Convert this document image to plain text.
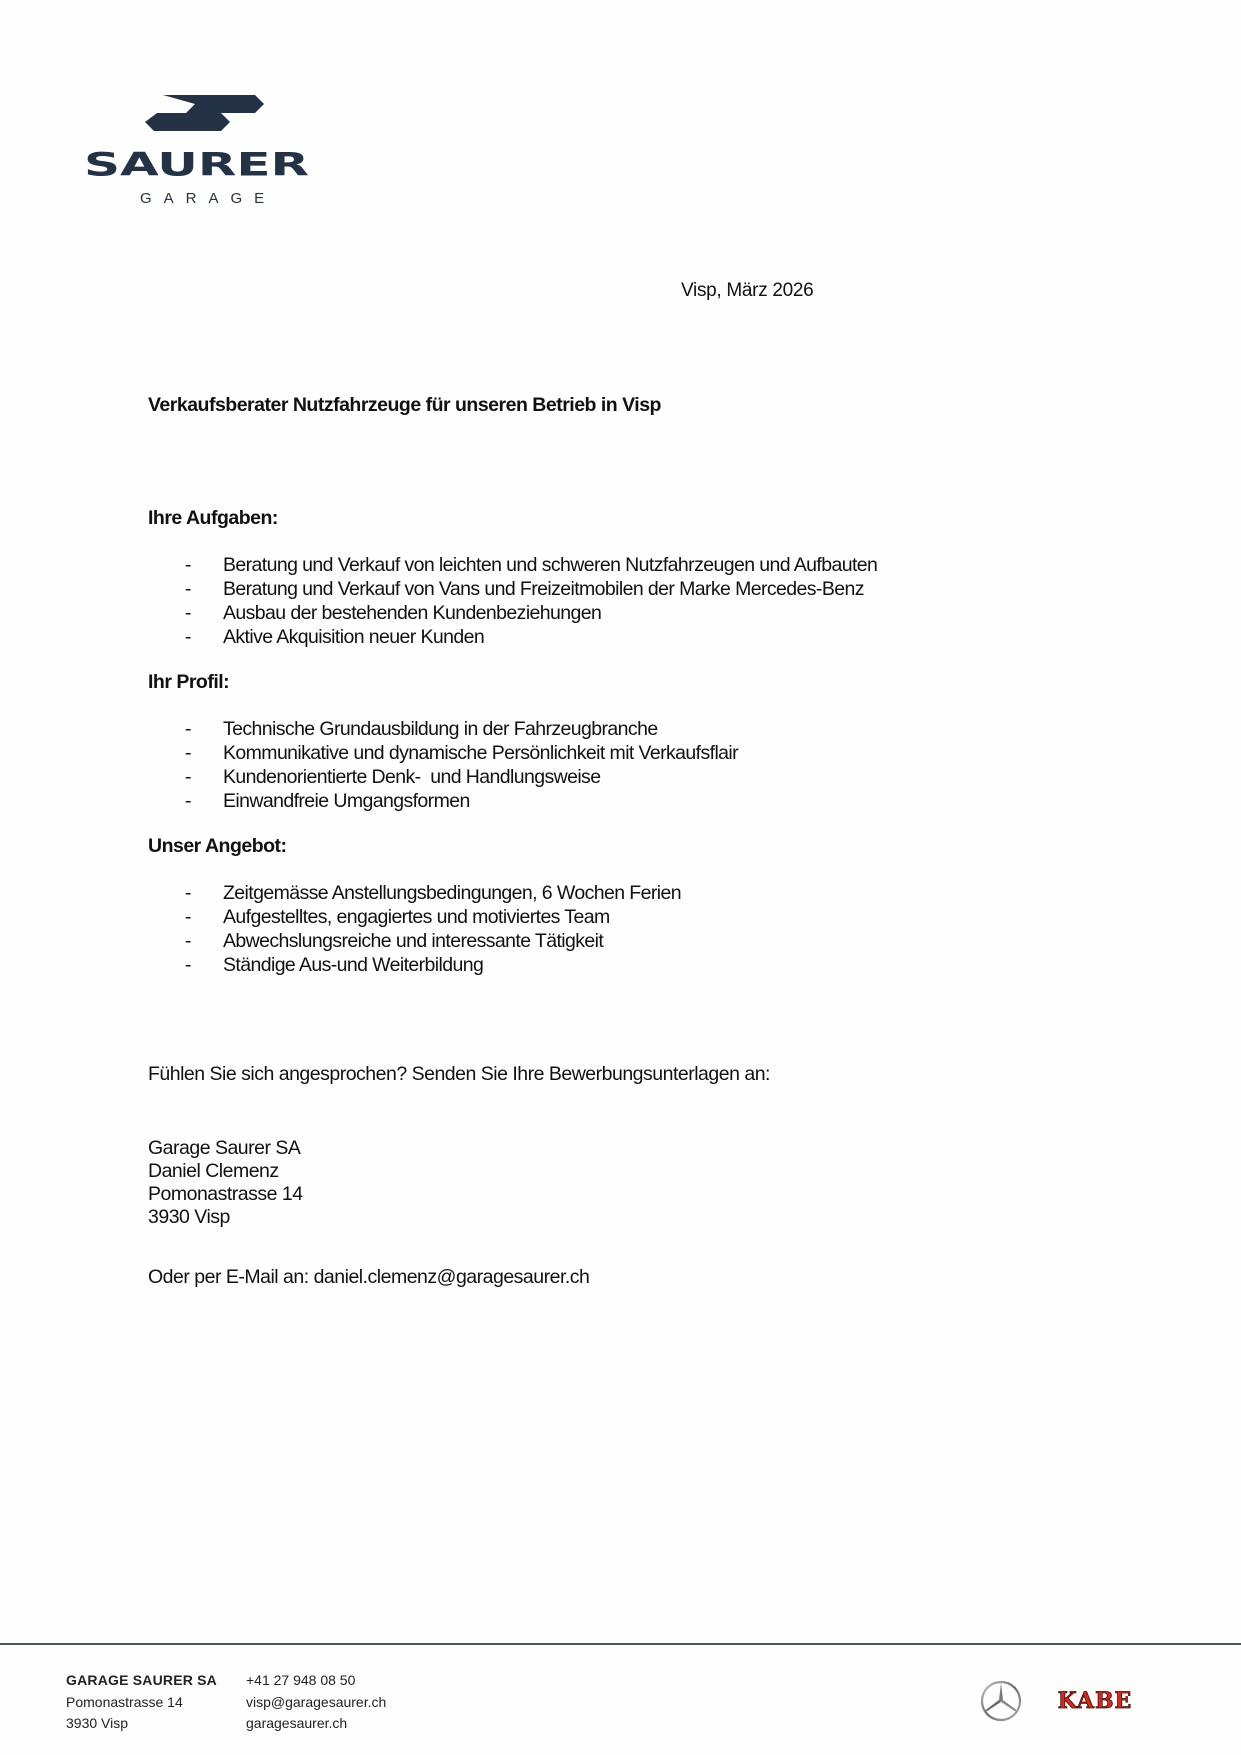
SAURER
GARAGE
Visp, März 2026
Verkaufsberater Nutzfahrzeuge für unseren Betrieb in Visp
Ihre Aufgaben:
- Beratung und Verkauf von leichten und schweren Nutzfahrzeugen und Aufbauten
- Beratung und Verkauf von Vans und Freizeitmobilen der Marke Mercedes-Benz
- Ausbau der bestehenden Kundenbeziehungen
- Aktive Akquisition neuer Kunden
Ihr Profil:
- Technische Grundausbildung in der Fahrzeugbranche
- Kommunikative und dynamische Persönlichkeit mit Verkaufsflair
- Kundenorientierte Denk-  und Handlungsweise
- Einwandfreie Umgangsformen
Unser Angebot:
- Zeitgemässe Anstellungsbedingungen, 6 Wochen Ferien
- Aufgestelltes, engagiertes und motiviertes Team
- Abwechslungsreiche und interessante Tätigkeit
- Ständige Aus-und Weiterbildung
Fühlen Sie sich angesprochen? Senden Sie Ihre Bewerbungsunterlagen an:
Garage Saurer SA
Daniel Clemenz
Pomonastrasse 14
3930 Visp
Oder per E-Mail an: daniel.clemenz@garagesaurer.ch
GARAGE SAURER SA
Pomonastrasse 14
3930 Visp
+41 27 948 08 50
visp@garagesaurer.ch
garagesaurer.ch
KABE
